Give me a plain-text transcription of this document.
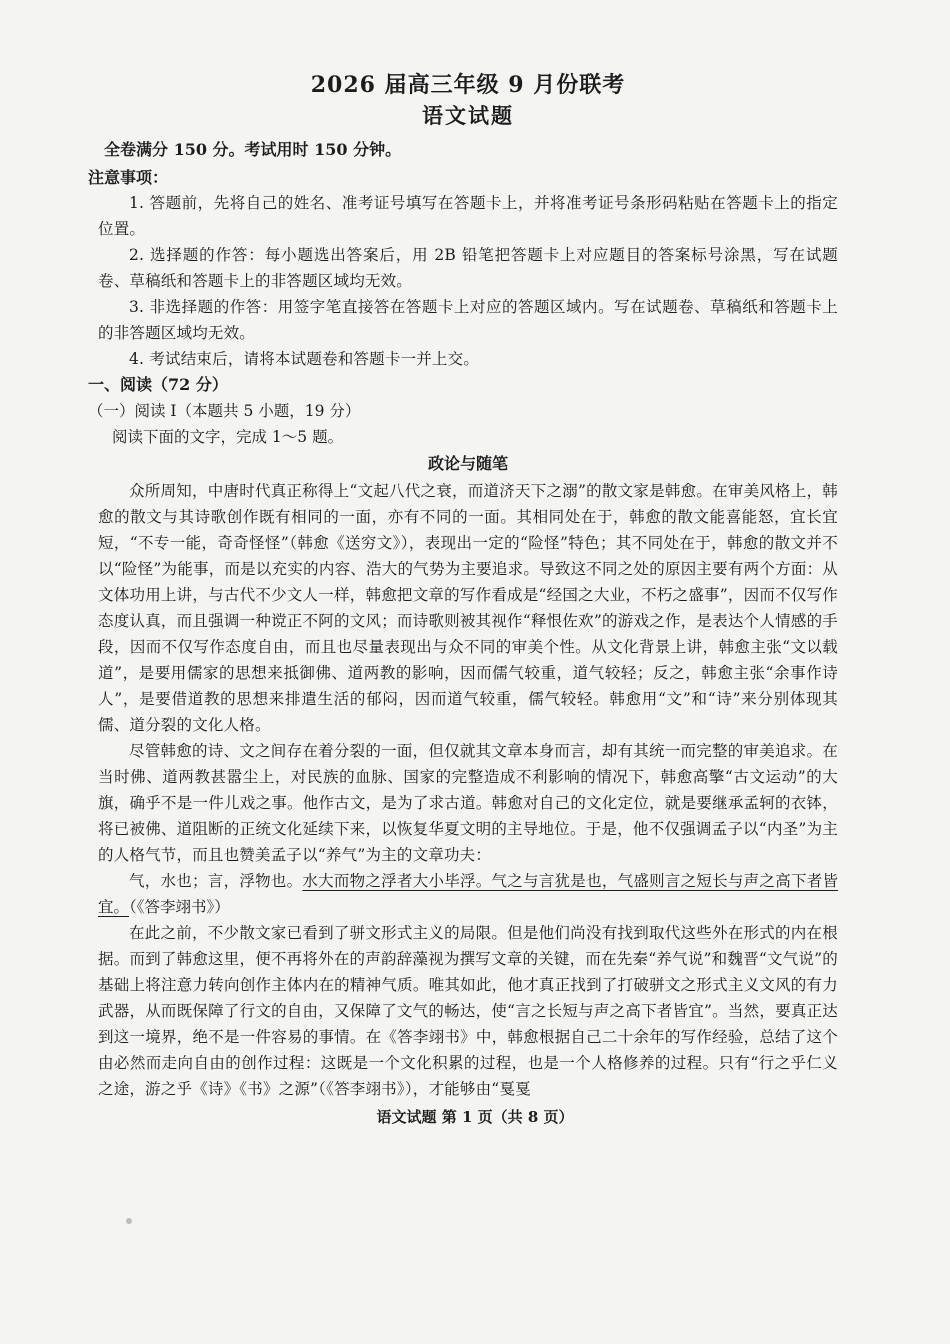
2026 届高三年级 9 月份联考
语文试题
全卷满分 150 分。考试用时 150 分钟。
注意事项：
1. 答题前，先将自己的姓名、准考证号填写在答题卡上，并将准考证号条形码粘贴在答题卡上的指定位置。
2. 选择题的作答：每小题选出答案后，用 2B 铅笔把答题卡上对应题目的答案标号涂黑，写在试题卷、草稿纸和答题卡上的非答题区域均无效。
3. 非选择题的作答：用签字笔直接答在答题卡上对应的答题区域内。写在试题卷、草稿纸和答题卡上的非答题区域均无效。
4. 考试结束后，请将本试题卷和答题卡一并上交。
一、阅读（72 分）
（一）阅读 I（本题共 5 小题，19 分）
阅读下面的文字，完成 1～5 题。
政论与随笔
众所周知，中唐时代真正称得上“文起八代之衰，而道济天下之溺”的散文家是韩愈。在审美风格上，韩愈的散文与其诗歌创作既有相同的一面，亦有不同的一面。其相同处在于，韩愈的散文能喜能怒，宜长宜短，“不专一能，奇奇怪怪”（韩愈《送穷文》），表现出一定的“险怪”特色；其不同处在于，韩愈的散文并不以“险怪”为能事，而是以充实的内容、浩大的气势为主要追求。导致这不同之处的原因主要有两个方面：从文体功用上讲，与古代不少文人一样，韩愈把文章的写作看成是“经国之大业，不朽之盛事”，因而不仅写作态度认真，而且强调一种谠正不阿的文风；而诗歌则被其视作“释恨佐欢”的游戏之作，是表达个人情感的手段，因而不仅写作态度自由，而且也尽量表现出与众不同的审美个性。从文化背景上讲，韩愈主张“文以载道”，是要用儒家的思想来抵御佛、道两教的影响，因而儒气较重，道气较轻；反之，韩愈主张“余事作诗人”，是要借道教的思想来排遣生活的郁闷，因而道气较重，儒气较轻。韩愈用“文”和“诗”来分别体现其儒、道分裂的文化人格。
尽管韩愈的诗、文之间存在着分裂的一面，但仅就其文章本身而言，却有其统一而完整的审美追求。在当时佛、道两教甚嚣尘上，对民族的血脉、国家的完整造成不利影响的情况下，韩愈高擎“古文运动”的大旗，确乎不是一件儿戏之事。他作古文，是为了求古道。韩愈对自己的文化定位，就是要继承孟轲的衣钵，将已被佛、道阻断的正统文化延续下来，以恢复华夏文明的主导地位。于是，他不仅强调孟子以“内圣”为主的人格气节，而且也赞美孟子以“养气”为主的文章功夫：
气，水也；言，浮物也。水大而物之浮者大小毕浮。气之与言犹是也，气盛则言之短长与声之高下者皆宜。（《答李翊书》）
在此之前，不少散文家已看到了骈文形式主义的局限。但是他们尚没有找到取代这些外在形式的内在根据。而到了韩愈这里，便不再将外在的声韵辞藻视为撰写文章的关键，而在先秦“养气说”和魏晋“文气说”的基础上将注意力转向创作主体内在的精神气质。唯其如此，他才真正找到了打破骈文之形式主义文风的有力武器，从而既保障了行文的自由，又保障了文气的畅达，使“言之长短与声之高下者皆宜”。当然，要真正达到这一境界，绝不是一件容易的事情。在《答李翊书》中，韩愈根据自己二十余年的写作经验，总结了这个由必然而走向自由的创作过程：这既是一个文化积累的过程，也是一个人格修养的过程。只有“行之乎仁义之途，游之乎《诗》《书》之源”（《答李翊书》），才能够由“戛戛
语文试题 第 1 页（共 8 页）
